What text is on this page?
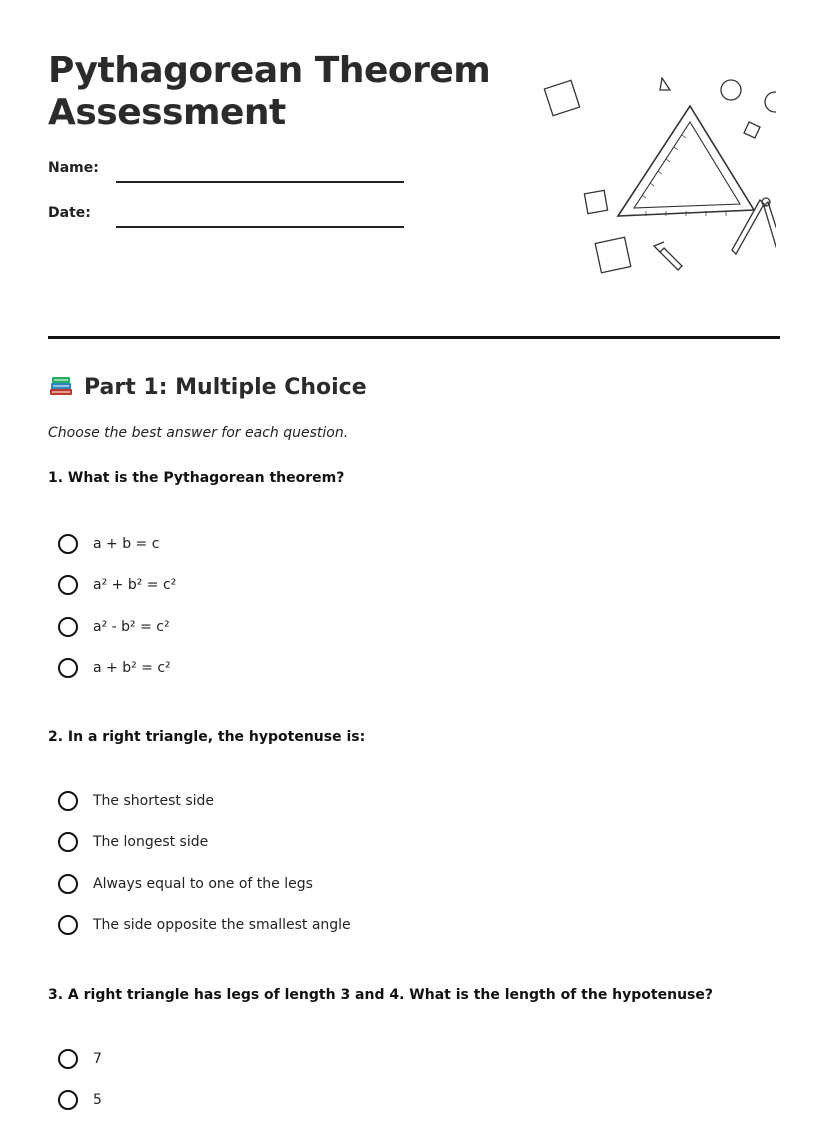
Pythagorean Theorem
Assessment
Name:
Date:
Part 1: Multiple Choice
Choose the best answer for each question.
1. What is the Pythagorean theorem?
a + b = c
a² + b² = c²
a² - b² = c²
a + b² = c²
2. In a right triangle, the hypotenuse is:
The shortest side
The longest side
Always equal to one of the legs
The side opposite the smallest angle
3. A right triangle has legs of length 3 and 4. What is the length of the hypotenuse?
7
5
